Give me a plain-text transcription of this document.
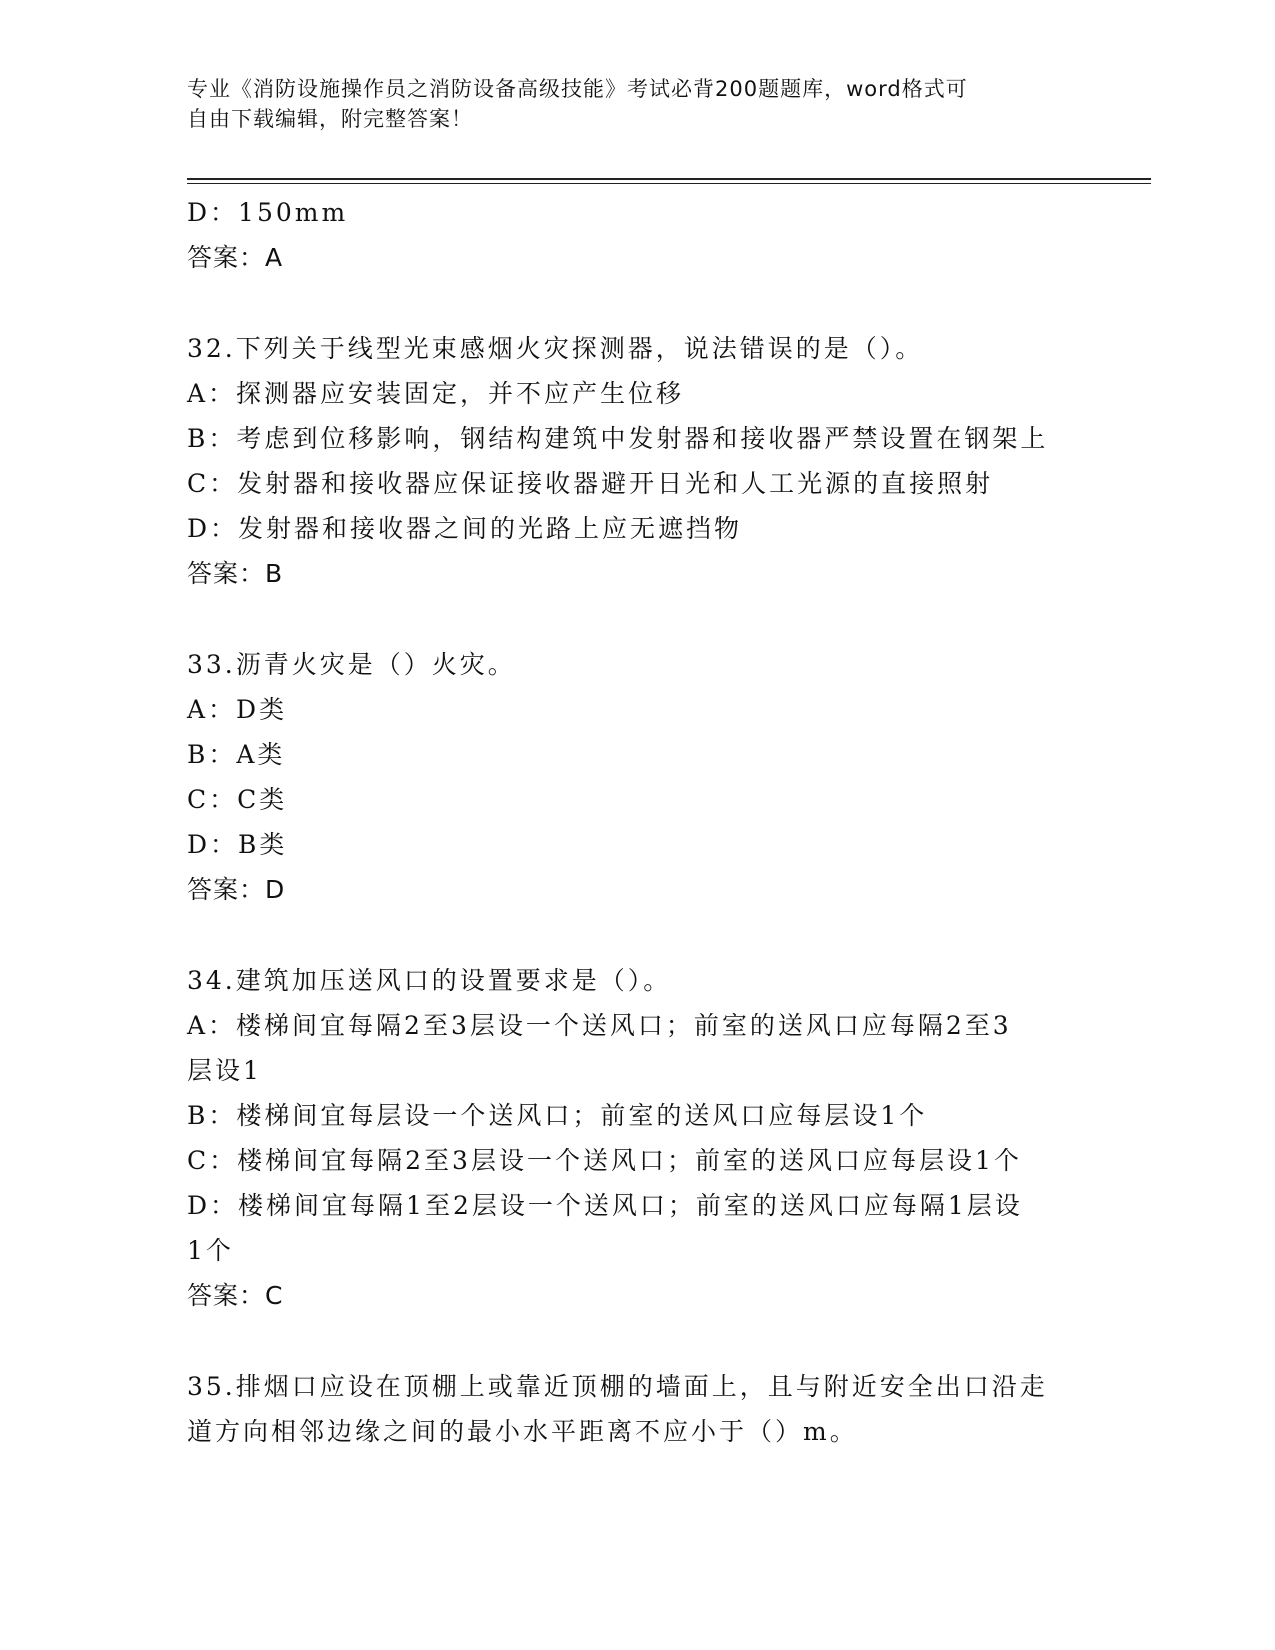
专业《消防设施操作员之消防设备高级技能》考试必背200题题库，word格式可
自由下载编辑，附完整答案！
D：150mm
答案：A
32.下列关于线型光束感烟火灾探测器，说法错误的是（）。
A：探测器应安装固定，并不应产生位移
B：考虑到位移影响，钢结构建筑中发射器和接收器严禁设置在钢架上
C：发射器和接收器应保证接收器避开日光和人工光源的直接照射
D：发射器和接收器之间的光路上应无遮挡物
答案：B
33.沥青火灾是（）火灾。
A：D类
B：A类
C：C类
D：B类
答案：D
34.建筑加压送风口的设置要求是（）。
A：楼梯间宜每隔2至3层设一个送风口；前室的送风口应每隔2至3
层设1
B：楼梯间宜每层设一个送风口；前室的送风口应每层设1个
C：楼梯间宜每隔2至3层设一个送风口；前室的送风口应每层设1个
D：楼梯间宜每隔1至2层设一个送风口；前室的送风口应每隔1层设
1个
答案：C
35.排烟口应设在顶棚上或靠近顶棚的墙面上，且与附近安全出口沿走
道方向相邻边缘之间的最小水平距离不应小于（）m。
